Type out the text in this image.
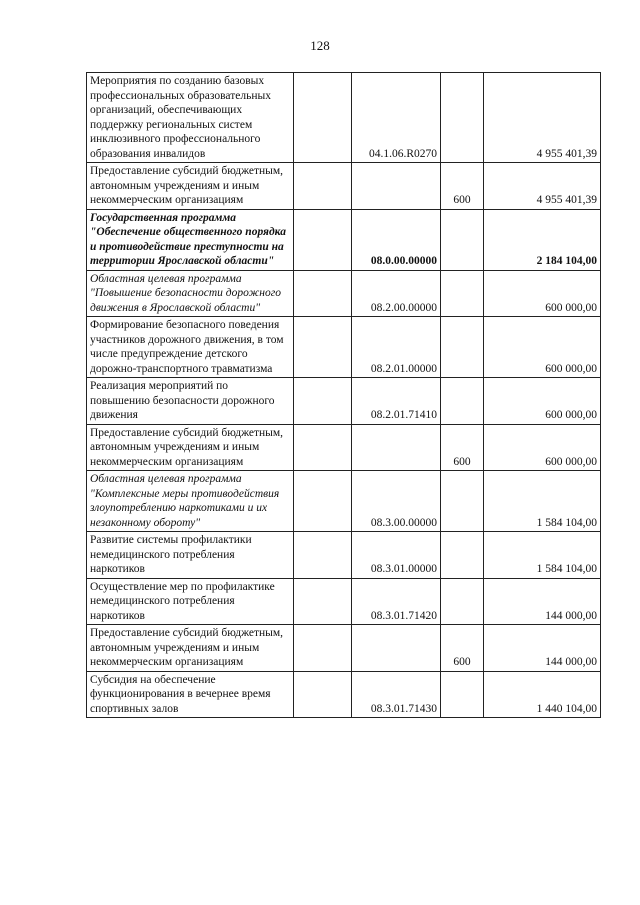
128
Мероприятия по созданию базовых профессиональных образовательных организаций, обеспечивающих поддержку региональных систем инклюзивного профессионального образования инвалидов		04.1.06.R0270		4 955 401,39
Предоставление субсидий бюджетным, автономным учреждениям и иным некоммерческим организациям			600	4 955 401,39
Государственная программа "Обеспечение общественного порядка и противодействие преступности на территории Ярославской области"		08.0.00.00000		2 184 104,00
Областная целевая программа "Повышение безопасности дорожного движения в Ярославской области"		08.2.00.00000		600 000,00
Формирование безопасного поведения участников дорожного движения, в том числе предупреждение детского дорожно-транспортного травматизма		08.2.01.00000		600 000,00
Реализация мероприятий по повышению безопасности дорожного движения		08.2.01.71410		600 000,00
Предоставление субсидий бюджетным, автономным учреждениям и иным некоммерческим организациям			600	600 000,00
Областная целевая программа "Комплексные меры противодействия злоупотреблению наркотиками и их незаконному обороту"		08.3.00.00000		1 584 104,00
Развитие системы профилактики немедицинского потребления наркотиков		08.3.01.00000		1 584 104,00
Осуществление мер по профилактике немедицинского потребления наркотиков		08.3.01.71420		144 000,00
Предоставление субсидий бюджетным, автономным учреждениям и иным некоммерческим организациям			600	144 000,00
Субсидия на обеспечение функционирования в вечернее время спортивных залов		08.3.01.71430		1 440 104,00
